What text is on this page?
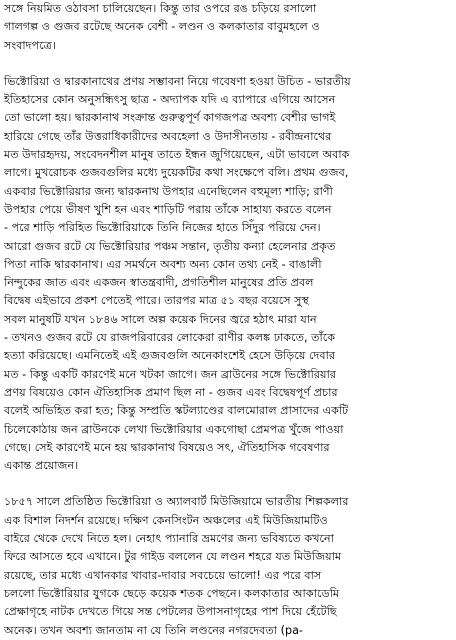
সঙ্গে নিয়মিত ওঠাবসা চালিয়েছেন। কিন্তু তার ওপরে রঙ চড়িয়ে রসালো
গালগল্প ও গুজব রটেছে অনেক বেশী - লণ্ডন ও কলকাতার বাবুমহলে ও
সংবাদপত্রে।
ভিক্টোরিয়া ও দ্বারকানাথের প্রণয় সম্ভাবনা নিয়ে গবেষণা হওয়া উচিত - ভারতীয়
ইতিহাসের কোন অনুসন্ধিৎসু ছাত্র - অদ্যাপক যদি এ ব্যাপারে এগিয়ে আসেন
তো ভালো হয়। দ্বারকানাথ সংক্রান্ত গুরুত্বপূর্ণ কাগজপত্র অবশ্য বেশীর ভাগই
হারিয়ে গেছে তাঁর উত্তরাধিকারীদের অবহেলা ও উদাসীনতায় - রবীন্দ্রনাথের
মত উদারহৃদয়, সংবেদনশীল মানুষ তাতে ইন্ধন জুগিয়েছেন, এটা ভাবলে অবাক
লাগে। মুখরোচক গুজবগুলির মধ্যে দুয়েকটির কথা সংক্ষেপে বলি। প্রথম গুজব,
একবার ভিক্টোরিয়ার জন্য দ্বারকনাথ উপহার এনেছিলেন বহুমূল্য শাড়ি; রাণী
উপহার পেয়ে ভীষণ খুশি হন এবং শাড়িটি পরায় তাঁকে সাহায্য করতে বলেন
- পরে শাড়ি পরিহিত ভিক্টোরিয়াকে তিনি নিজের হাতে সিঁদুর পরিয়ে দেন।
আরো গুজব রটে যে ভিক্টোরিয়ার পঞ্চম সন্তান, তৃতীয় কন্যা হেলেনার প্রকৃত
পিতা নাকি দ্বারকানাথ। এর সমর্থনে অবশ্য অন্য কোন তথ্য নেই - বাঙালী
নিন্দুকের জাত এবং একজন স্বাতন্ত্রবাদী, প্রগতিশীল মানুষের প্রতি প্রবল
বিদ্বেষ এইভাবে প্রকশ পেতেই পারে। তারপর মাত্র ৫১ বছর বয়েসে সুস্থ
সবল মানুষটি যখন ১৮৪৬ সালে অল্প কয়েক দিনের জ্বরে হঠাৎ মারা যান
- তখনও গুজব রটে যে রাজপরিবারের লোকেরা রাণীর কলঙ্ক ঢাকতে, তাঁকে
হত্যা করিয়েছে। এমনিতেই এই গুজবগুলি অনেকাংশেই হেসে উড়িয়ে দেবার
মত - কিন্তু একটি কারণেই মনে খটকা জাগে। জন ব্রাউনের সঙ্গে ভিক্টোরিয়ার
প্রণয় বিষয়েও কোন ঐতিহাসিক প্রমাণ ছিল না - গুজব এবং বিদ্বেষপূর্ণ প্রচার
বলেই অভিহিত করা হত; কিন্তু সম্প্রতি স্কটল্যাণ্ডের বালমোরাল প্রাসাদের একটি
চিলেকোঠায় জন ব্রাউনকে লেখা ভিক্টোরিয়ার একগোছা প্রেমপত্র খুঁজে পাওয়া
গেছে। সেই কারণেই মনে হয় দ্বারকানাথ বিষয়েও সৎ, ঐতিহাসিক গবেষণার
একান্ত প্রয়োজন।
১৮৫৭ সালে প্রতিষ্ঠিত ভিক্টোরিয়া ও অ্যালবার্ট মিউজিয়ামে ভারতীয় শিল্পকলার
এক বিশাল নিদর্শন রয়েছে। দক্ষিণ কেনসিংটন অঞ্চলের এই মিউজিয়ামটিও
বাইরে থেকে দেখে নিতে হল। নেহাৎ প্যানারি ভ্রমণের জন্য ভবিষ্যতে কখনো
ফিরে আসতে হবে এখানে। টুর গাইড বললেন যে লণ্ডন শহরে যত মিউজিয়াম
রয়েছে, তার মধ্যে এখানকার খাবার-দাবার সবচেয়ে ভালো! এর পরে বাস
চললো ভিক্টোরিয়ার যুগকে ছেড়ে কয়েক শতক পেছনে। কলকাতার আকাডেমি
প্রেক্ষাগৃহে নাটক দেখতে গিয়ে সন্ত পেটলের উপাসনাগৃহের পাশ দিয়ে হেঁটেছি
অনেক। তখন অবশ্য জানতাম না যে তিনি লণ্ডনের নগরদেবতা (pa-
